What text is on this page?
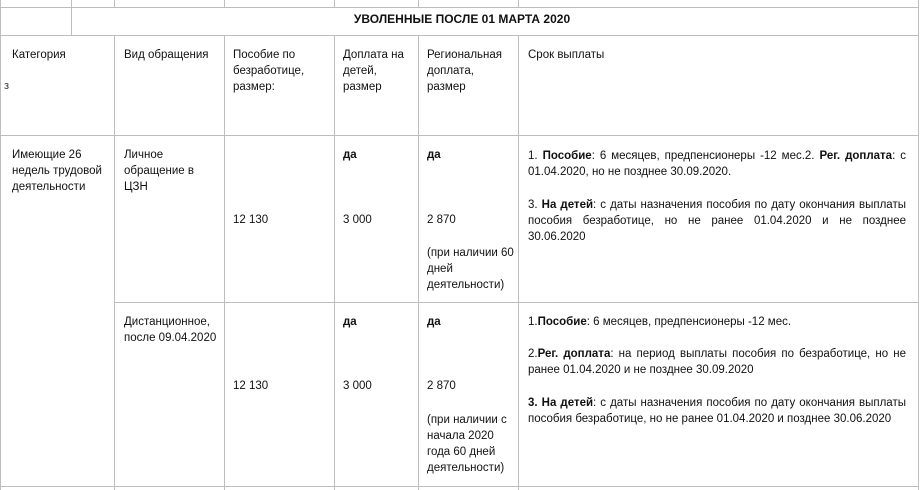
УВОЛЕННЫЕ ПОСЛЕ 01 МАРТА 2020
Категория	Вид обращения	Пособие по безработице, размер:
Доплата на детей, размер
Региональная доплата, размер
Срок выплаты
з
Имеющие 26 недель трудовой деятельности
Личное обращение в ЦЗН
12 130
да
3 000
да
2 870
(при наличии 60 дней деятельности)
1. Пособие: 6 месяцев, предпенсионеры -12 мес.2. Рег. доплата: с 01.04.2020, но не позднее 30.09.2020.
3. На детей: с даты назначения пособия по дату окончания выплаты пособия безработице, но не ранее 01.04.2020 и не позднее 30.06.2020
Дистанционное, после 09.04.2020
12 130
да
3 000
да
2 870
(при наличии с начала 2020 года 60 дней деятельности)
1.Пособие: 6 месяцев, предпенсионеры -12 мес.
2.Рег. доплата: на период выплаты пособия по безработице, но не ранее 01.04.2020 и не позднее 30.09.2020
3. На детей: с даты назначения пособия по дату окончания выплаты пособия безработице, но не ранее 01.04.2020 и позднее 30.06.2020
